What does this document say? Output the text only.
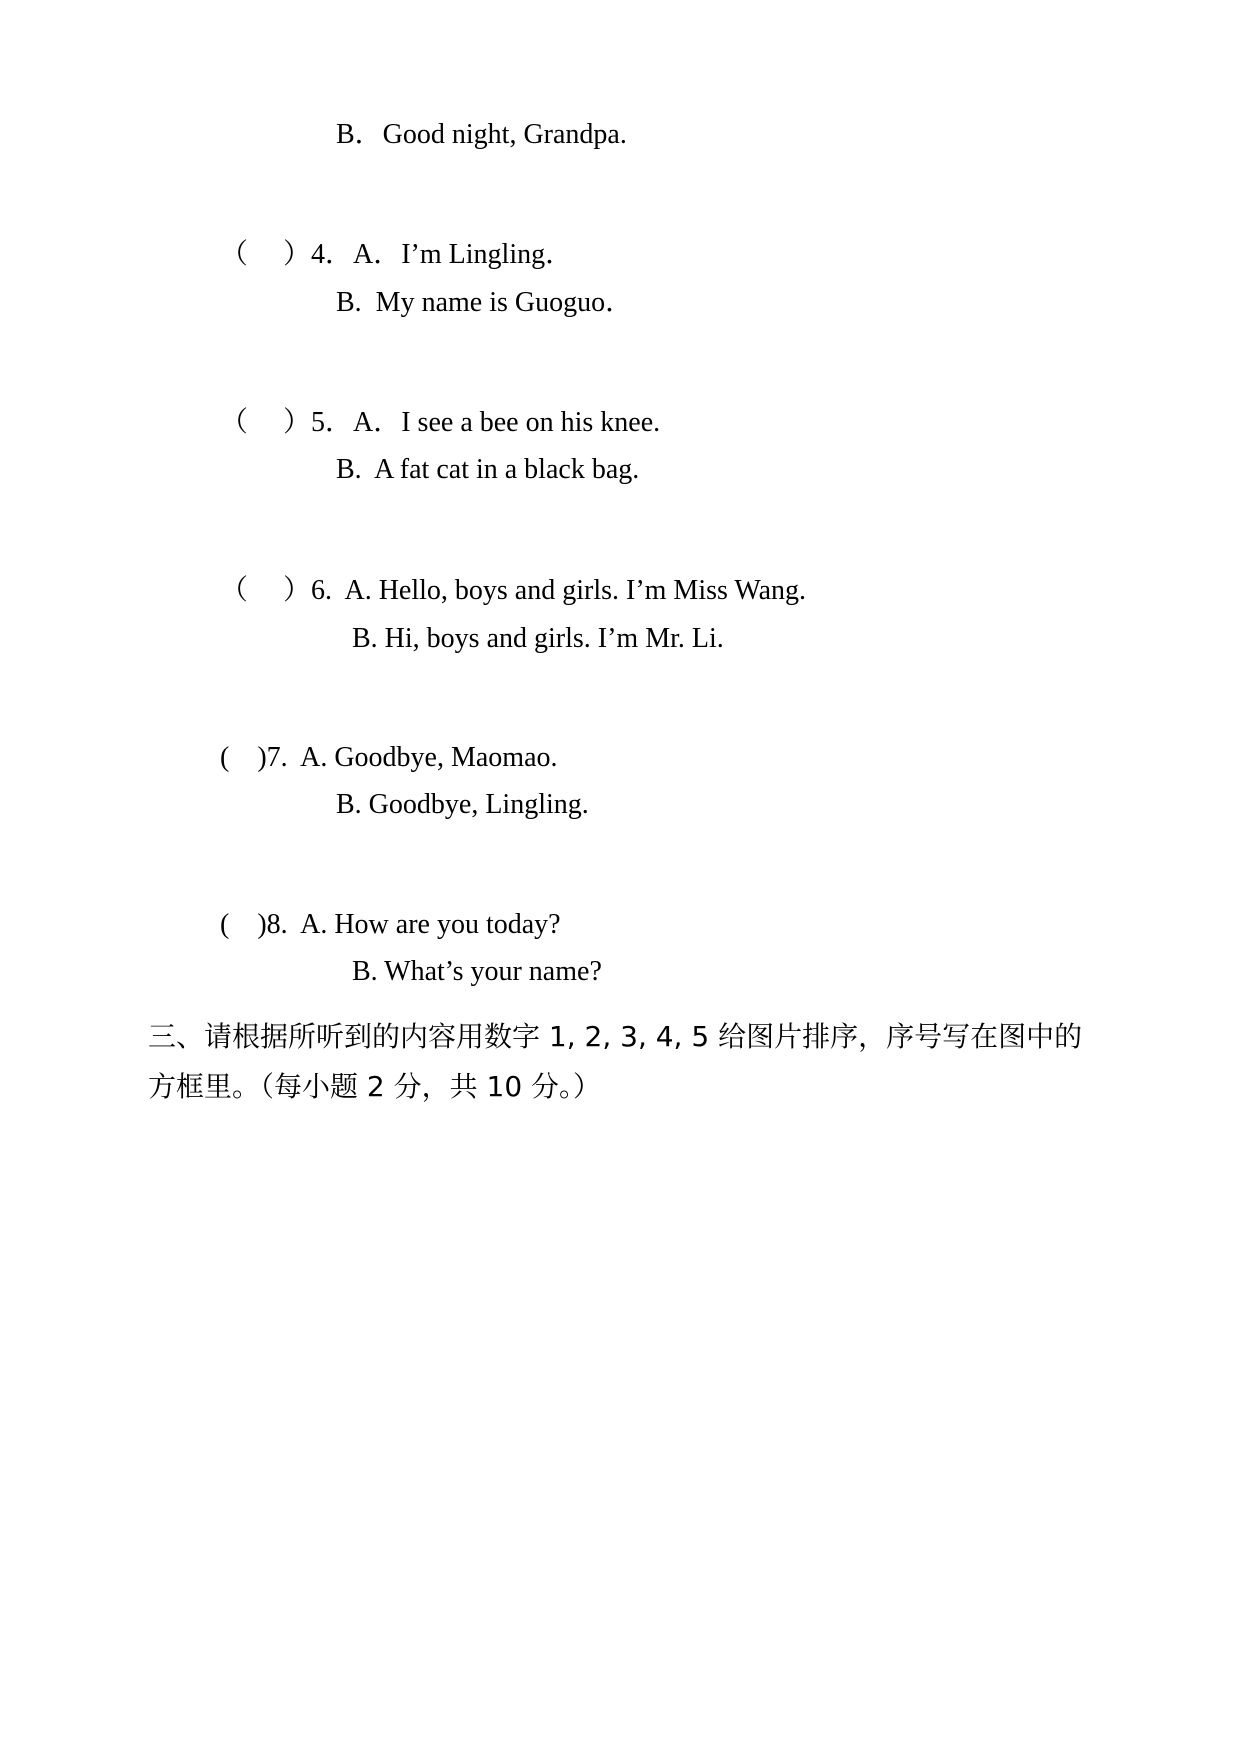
B．Good night, Grandpa.

（     ）4．A．I’m Lingling．

B.  My name is Guoguo．

（     ）5．A．I see a bee on his knee.

B.  A fat cat in a black bag.

（     ）6.  A. Hello, boys and girls. I’m Miss Wang.

B. Hi, boys and girls. I’m Mr. Li.

(    )7.  A. Goodbye, Maomao.

B. Goodbye, Lingling.

(    )8.  A. How are you today?

B. What’s your name?
三、请根据所听到的内容用数字 1, 2, 3, 4, 5 给图片排序，序号写在图中的
方框里。（每小题 2 分，共 10 分。）
